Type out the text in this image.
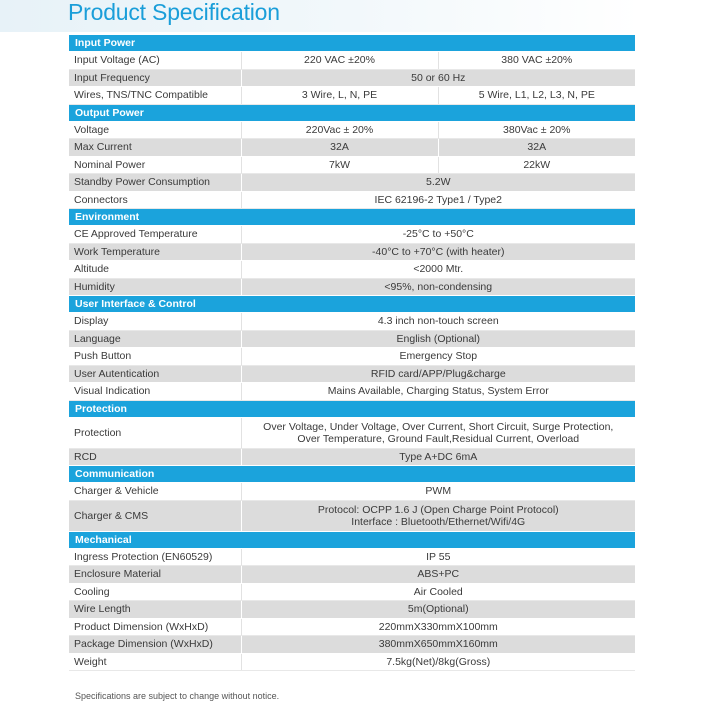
Product Specification
Input Power		
Input Voltage (AC)	220 VAC ±20%	380 VAC ±20%
Input Frequency	50 or 60 Hz	
Wires, TNS/TNC Compatible	3 Wire, L, N, PE	5 Wire, L1, L2, L3, N, PE
Output Power		
Voltage	220Vac ± 20%	380Vac ± 20%
Max Current	32A	32A
Nominal Power	7kW	22kW
Standby Power Consumption	5.2W	
Connectors	IEC 62196-2 Type1 / Type2	
Environment		
CE Approved Temperature	-25°C to +50°C	
Work Temperature	-40°C to +70°C (with heater)	
Altitude	<2000 Mtr.	
Humidity	<95%, non-condensing	
User Interface & Control		
Display	4.3 inch non-touch screen	
Language	English (Optional)	
Push Button	Emergency Stop	
User Autentication	RFID card/APP/Plug&charge	
Visual Indication	Mains Available, Charging Status, System Error	
Protection		
Protection	Over Voltage, Under Voltage, Over Current, Short Circuit, Surge Protection,
Over Temperature, Ground Fault,Residual Current, Overload	
RCD	Type A+DC 6mA	
Communication		
Charger & Vehicle	PWM	
Charger & CMS	Protocol: OCPP 1.6 J (Open Charge Point Protocol)
Interface : Bluetooth/Ethernet/Wifi/4G	
Mechanical		
Ingress Protection (EN60529)	IP 55	
Enclosure Material	ABS+PC	
Cooling	Air Cooled	
Wire Length	5m(Optional)	
Product Dimension (WxHxD)	220mmX330mmX100mm	
Package Dimension (WxHxD)	380mmX650mmX160mm	
Weight	7.5kg(Net)/8kg(Gross)	
Specifications are subject to change without notice.
